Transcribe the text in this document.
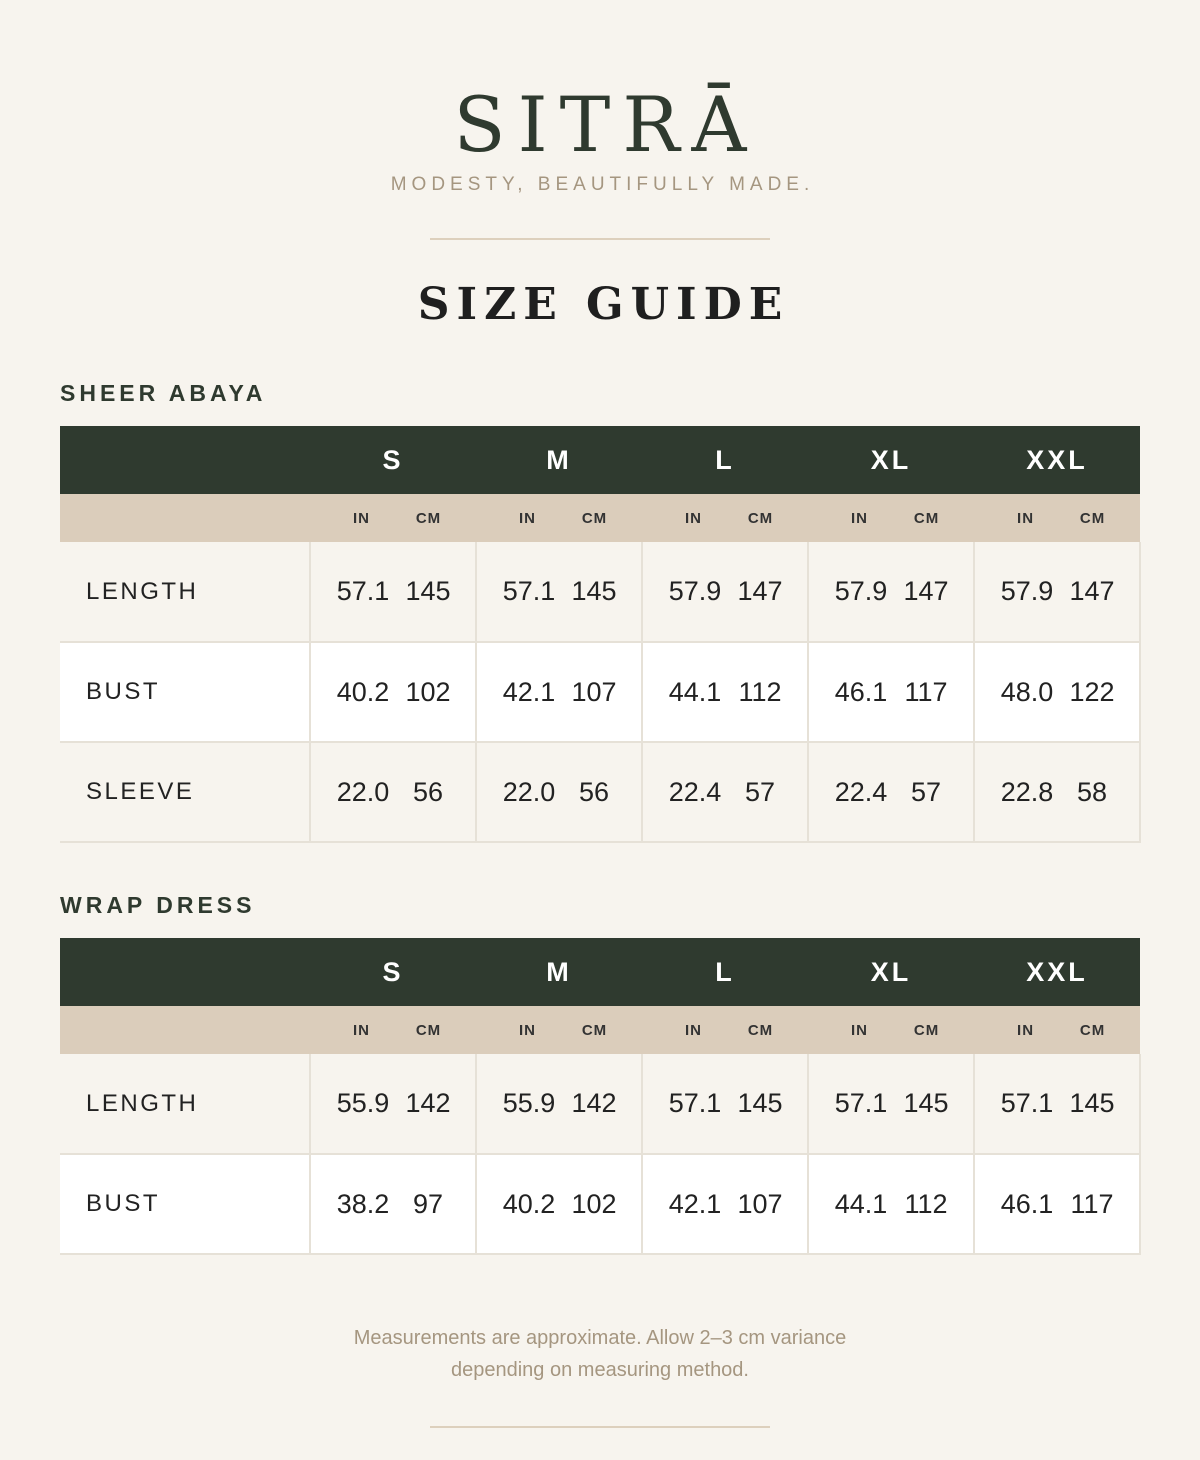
SITRĀ
MODESTY, BEAUTIFULLY MADE.
SIZE GUIDE
SHEER ABAYA
	S		M		L		XL		XXL	
	IN	CM	IN	CM	IN	CM	IN	CM	IN	CM
LENGTH	57.1	145	57.1	145	57.9	147	57.9	147	57.9	147
BUST	40.2	102	42.1	107	44.1	112	46.1	117	48.0	122
SLEEVE	22.0	56	22.0	56	22.4	57	22.4	57	22.8	58
WRAP DRESS
	S		M		L		XL		XXL	
	IN	CM	IN	CM	IN	CM	IN	CM	IN	CM
LENGTH	55.9	142	55.9	142	57.1	145	57.1	145	57.1	145
BUST	38.2	97	40.2	102	42.1	107	44.1	112	46.1	117
Measurements are approximate. Allow 2–3 cm variance
depending on measuring method.
